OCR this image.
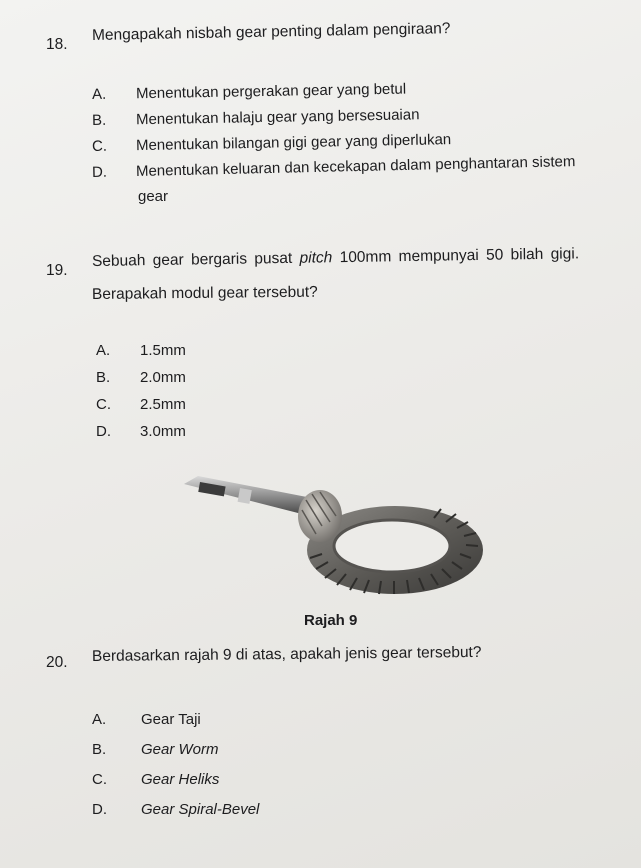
18.
Mengapakah nisbah gear penting dalam pengiraan?
A. Menentukan pergerakan gear yang betul
B. Menentukan halaju gear yang bersesuaian
C. Menentukan bilangan gigi gear yang diperlukan
D. Menentukan keluaran dan kecekapan dalam penghantaran sistem
gear
19.
Sebuah gear bergaris pusat pitch 100mm mempunyai 50 bilah gigi.
Berapakah modul gear tersebut?
A. 1.5mm
B. 2.0mm
C. 2.5mm
D. 3.0mm
Rajah 9
20. Berdasarkan rajah 9 di atas, apakah jenis gear tersebut?
A. Gear Taji
B. Gear Worm
C. Gear Heliks
D. Gear Spiral-Bevel
